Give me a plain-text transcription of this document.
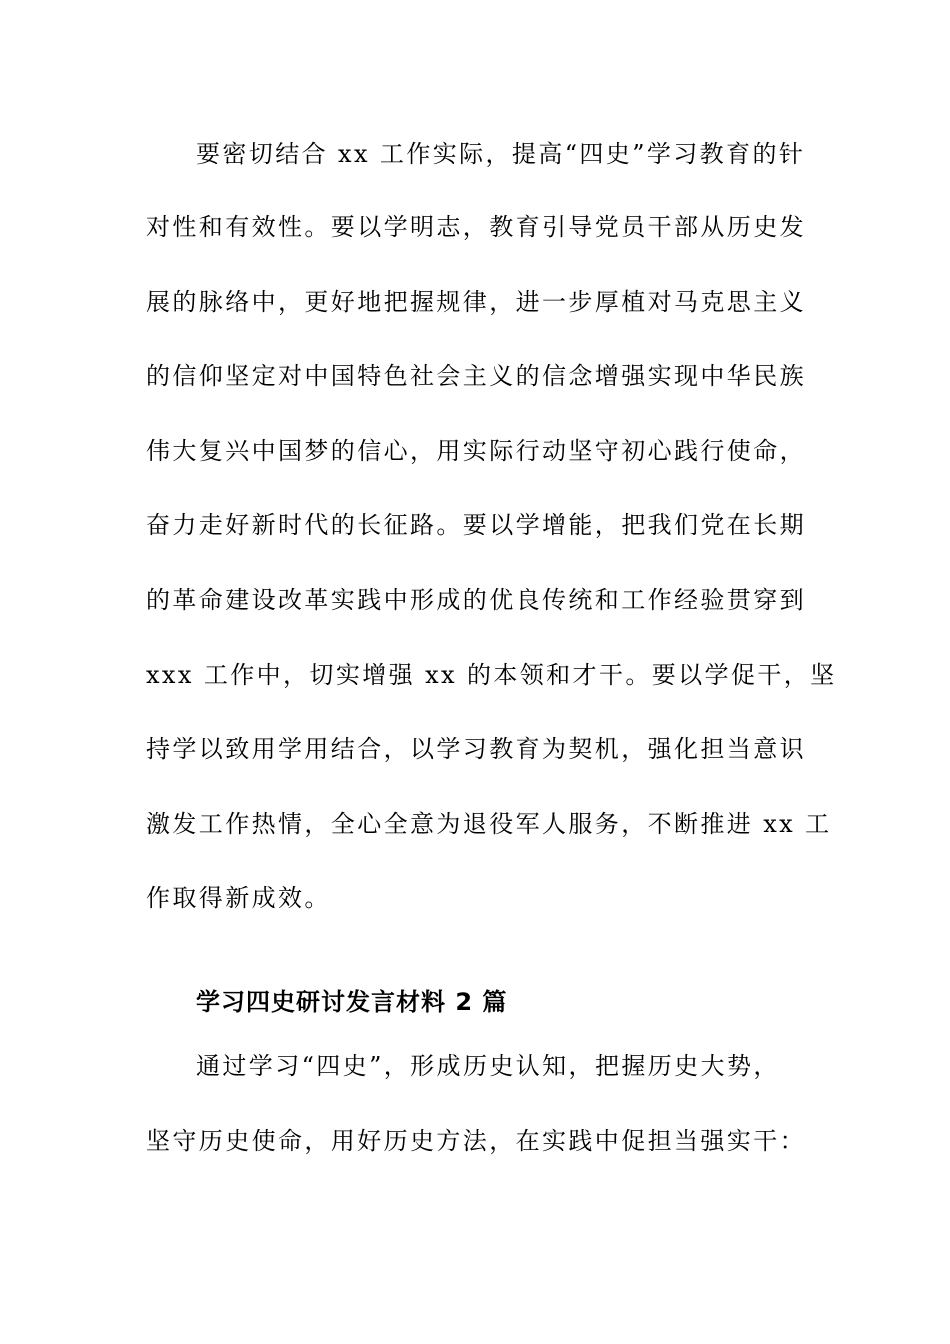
要密切结合 xx 工作实际，提高“四史”学习教育的针
对性和有效性。要以学明志，教育引导党员干部从历史发
展的脉络中，更好地把握规律，进一步厚植对马克思主义
的信仰坚定对中国特色社会主义的信念增强实现中华民族
伟大复兴中国梦的信心，用实际行动坚守初心践行使命，
奋力走好新时代的长征路。要以学增能，把我们党在长期
的革命建设改革实践中形成的优良传统和工作经验贯穿到
xxx 工作中，切实增强 xx 的本领和才干。要以学促干，坚
持学以致用学用结合，以学习教育为契机，强化担当意识
激发工作热情，全心全意为退役军人服务，不断推进 xx 工
作取得新成效。
学习四史研讨发言材料 2 篇
通过学习“四史”，形成历史认知，把握历史大势，
坚守历史使命，用好历史方法，在实践中促担当强实干：
